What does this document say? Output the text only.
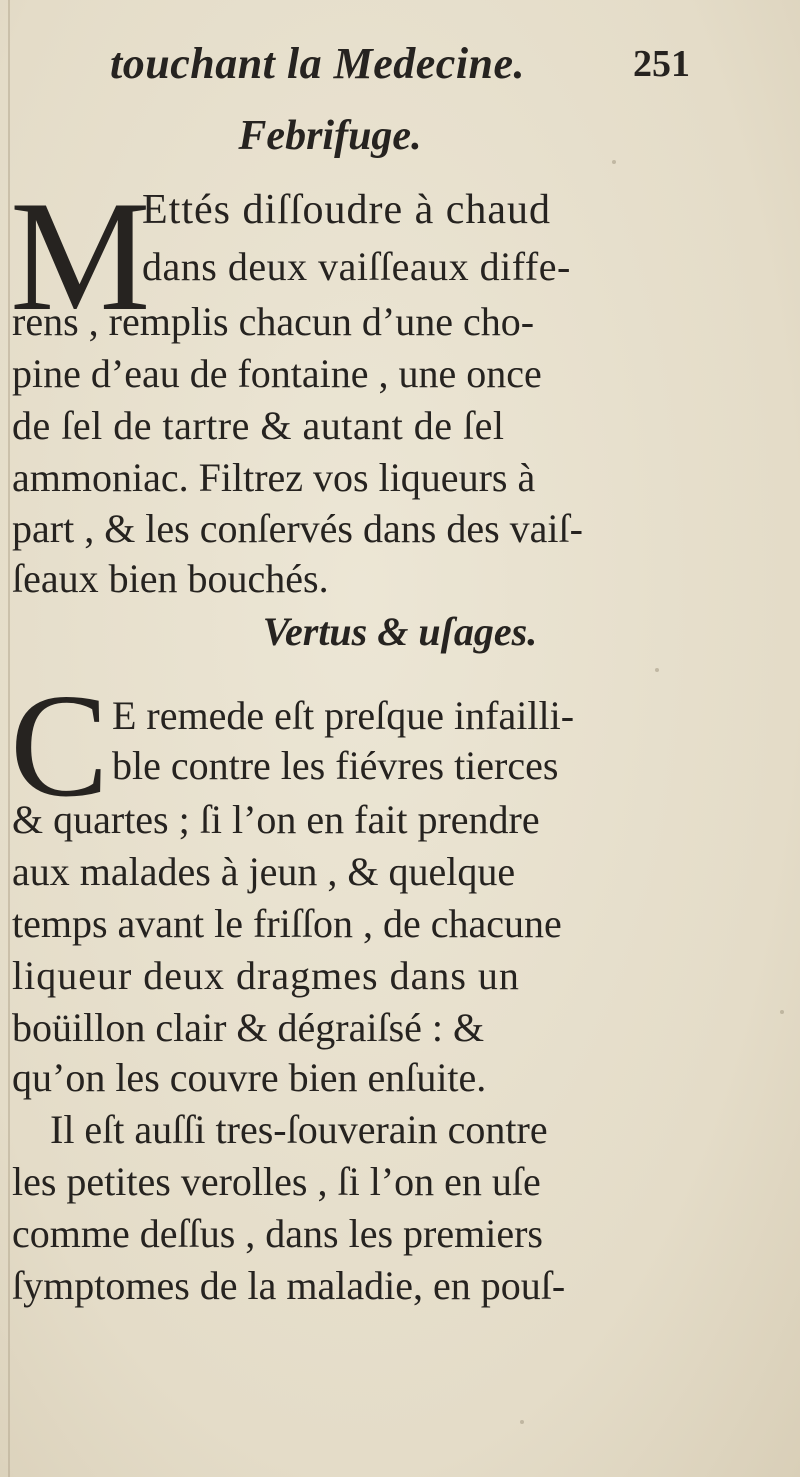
touchant la Medecine.	251
Febrifuge.
M
Ettés diſſoudre à chaud
dans deux vaiſſeaux diffe-
rens , remplis chacun d’une cho-
pine d’eau de fontaine , une once
de ſel de tartre & autant de ſel
ammoniac. Filtrez vos liqueurs à
part , & les conſervés dans des vaiſ-
ſeaux bien bouchés.
Vertus & uſages.
C E remede eſt preſque infailli-
ble contre les fiévres tierces
& quartes ; ſi l’on en fait prendre
aux malades à jeun , & quelque
temps avant le friſſon , de chacune
liqueur deux dragmes dans un
boüillon clair & dégraiſsé : &
qu’on les couvre bien enſuite.
Il eſt auſſi tres-ſouverain contre
les petites verolles , ſi l’on en uſe
comme deſſus , dans les premiers
ſymptomes de la maladie, en pouſ-
